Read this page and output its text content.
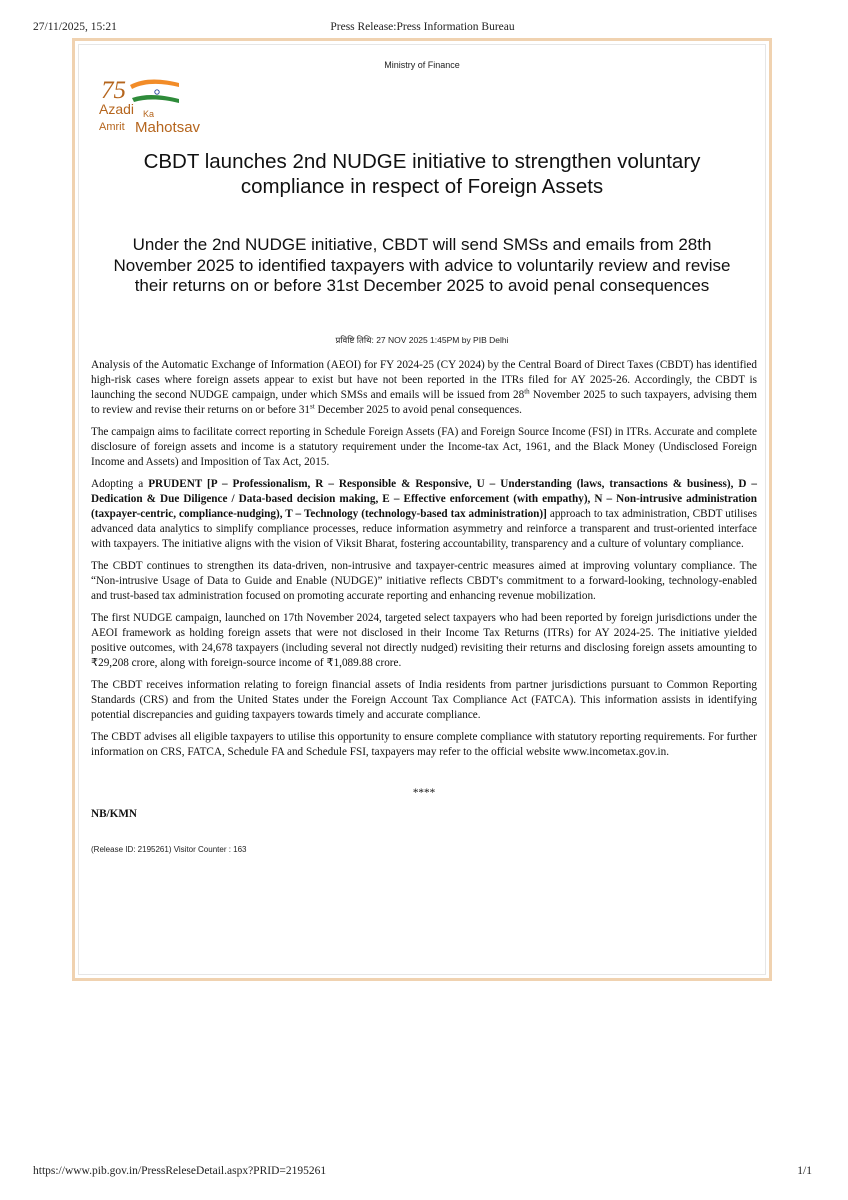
27/11/2025, 15:21	Press Release:Press Information Bureau
Ministry of Finance
75
Azadi Ka
Amrit Mahotsav
CBDT launches 2nd NUDGE initiative to strengthen voluntary compliance in respect of Foreign Assets
Under the 2nd NUDGE initiative, CBDT will send SMSs and emails from 28th November 2025 to identified taxpayers with advice to voluntarily review and revise their returns on or before 31st December 2025 to avoid penal consequences
प्रविष्टि तिथि: 27 NOV 2025 1:45PM by PIB Delhi

Analysis of the Automatic Exchange of Information (AEOI) for FY 2024-25 (CY 2024) by the Central Board of Direct Taxes (CBDT) has identified high-risk cases where foreign assets appear to exist but have not been reported in the ITRs filed for AY 2025-26. Accordingly, the CBDT is launching the second NUDGE campaign, under which SMSs and emails will be issued from 28th November 2025 to such taxpayers, advising them to review and revise their returns on or before 31st December 2025 to avoid penal consequences.

The campaign aims to facilitate correct reporting in Schedule Foreign Assets (FA) and Foreign Source Income (FSI) in ITRs. Accurate and complete disclosure of foreign assets and income is a statutory requirement under the Income-tax Act, 1961, and the Black Money (Undisclosed Foreign Income and Assets) and Imposition of Tax Act, 2015.

Adopting a PRUDENT [P – Professionalism, R – Responsible & Responsive, U – Understanding (laws, transactions & business), D – Dedication & Due Diligence / Data-based decision making, E – Effective enforcement (with empathy), N – Non-intrusive administration (taxpayer-centric, compliance-nudging), T – Technology (technology-based tax administration)] approach to tax administration, CBDT utilises advanced data analytics to simplify compliance processes, reduce information asymmetry and reinforce a transparent and trust-oriented interface with taxpayers. The initiative aligns with the vision of Viksit Bharat, fostering accountability, transparency and a culture of voluntary compliance.

The CBDT continues to strengthen its data-driven, non-intrusive and taxpayer-centric measures aimed at improving voluntary compliance. The “Non-intrusive Usage of Data to Guide and Enable (NUDGE)” initiative reflects CBDT's commitment to a forward-looking, technology-enabled and trust-based tax administration focused on promoting accurate reporting and enhancing revenue mobilization.

The first NUDGE campaign, launched on 17th November 2024, targeted select taxpayers who had been reported by foreign jurisdictions under the AEOI framework as holding foreign assets that were not disclosed in their Income Tax Returns (ITRs) for AY 2024-25. The initiative yielded positive outcomes, with 24,678 taxpayers (including several not directly nudged) revisiting their returns and disclosing foreign assets amounting to ₹29,208 crore, along with foreign-source income of ₹1,089.88 crore.

The CBDT receives information relating to foreign financial assets of India residents from partner jurisdictions pursuant to Common Reporting Standards (CRS) and from the United States under the Foreign Account Tax Compliance Act (FATCA). This information assists in identifying potential discrepancies and guiding taxpayers towards timely and accurate compliance.

The CBDT advises all eligible taxpayers to utilise this opportunity to ensure complete compliance with statutory reporting requirements. For further information on CRS, FATCA, Schedule FA and Schedule FSI, taxpayers may refer to the official website www.incometax.gov.in.

****
NB/KMN
(Release ID: 2195261) Visitor Counter : 163
https://www.pib.gov.in/PressReleseDetail.aspx?PRID=2195261	1/1
